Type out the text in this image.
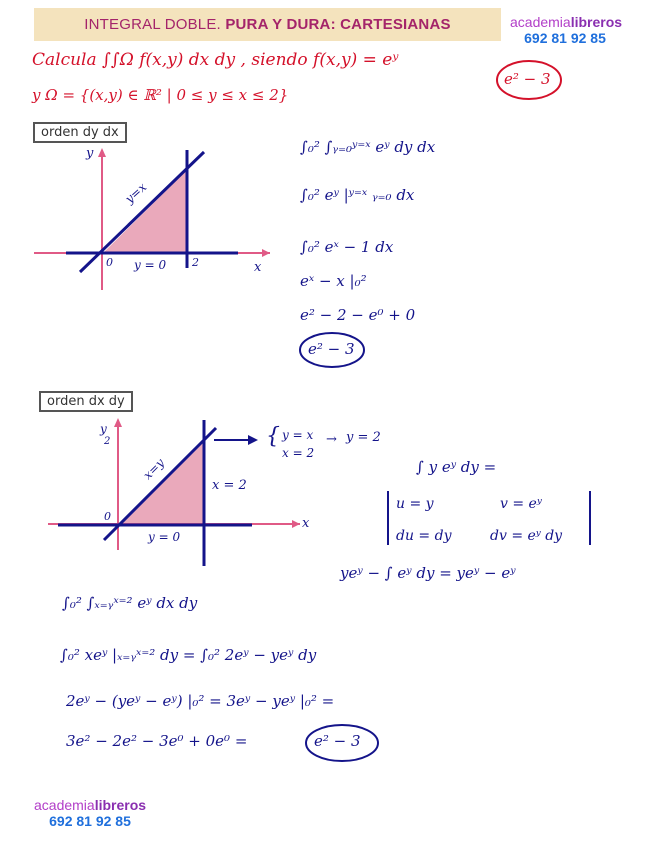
INTEGRAL DOBLE.
PURA Y DURA: CARTESIANAS	academialibreros
692 81 92 85
Calcula ∫∫Ω f(x,y) dx dy , siendo f(x,y) = eʸ
y Ω = {(x,y) ∈ ℝ² | 0 ≤ y ≤ x ≤ 2}
e² − 3
orden dy dx
y
x
y=x
y = 0
0	2
∫₀² ∫ᵧ₌₀ʸ⁼ˣ eʸ dy dx
∫₀² eʸ |ʸ⁼ˣ ᵧ₌₀ dx
∫₀² eˣ − 1 dx
eˣ − x |₀²
e² − 2 − e⁰ + 0
e² − 3
orden dx dy
y
2
x
x=y
x = 2
y = 0
0
{ y = x
x = 2
→ y = 2
∫ y eʸ dy =
u = y	v = eʸ
du = dy	dv = eʸ dy
yeʸ − ∫ eʸ dy = yeʸ − eʸ
∫₀² ∫ₓ₌ᵧˣ⁼² eʸ dx dy
∫₀² xeʸ |ₓ₌ᵧˣ⁼² dy = ∫₀² 2eʸ − yeʸ dy
2eʸ − (yeʸ − eʸ) |₀² = 3eʸ − yeʸ |₀² =
3e² − 2e² − 3e⁰ + 0e⁰ =	e² − 3
academialibreros
692 81 92 85
